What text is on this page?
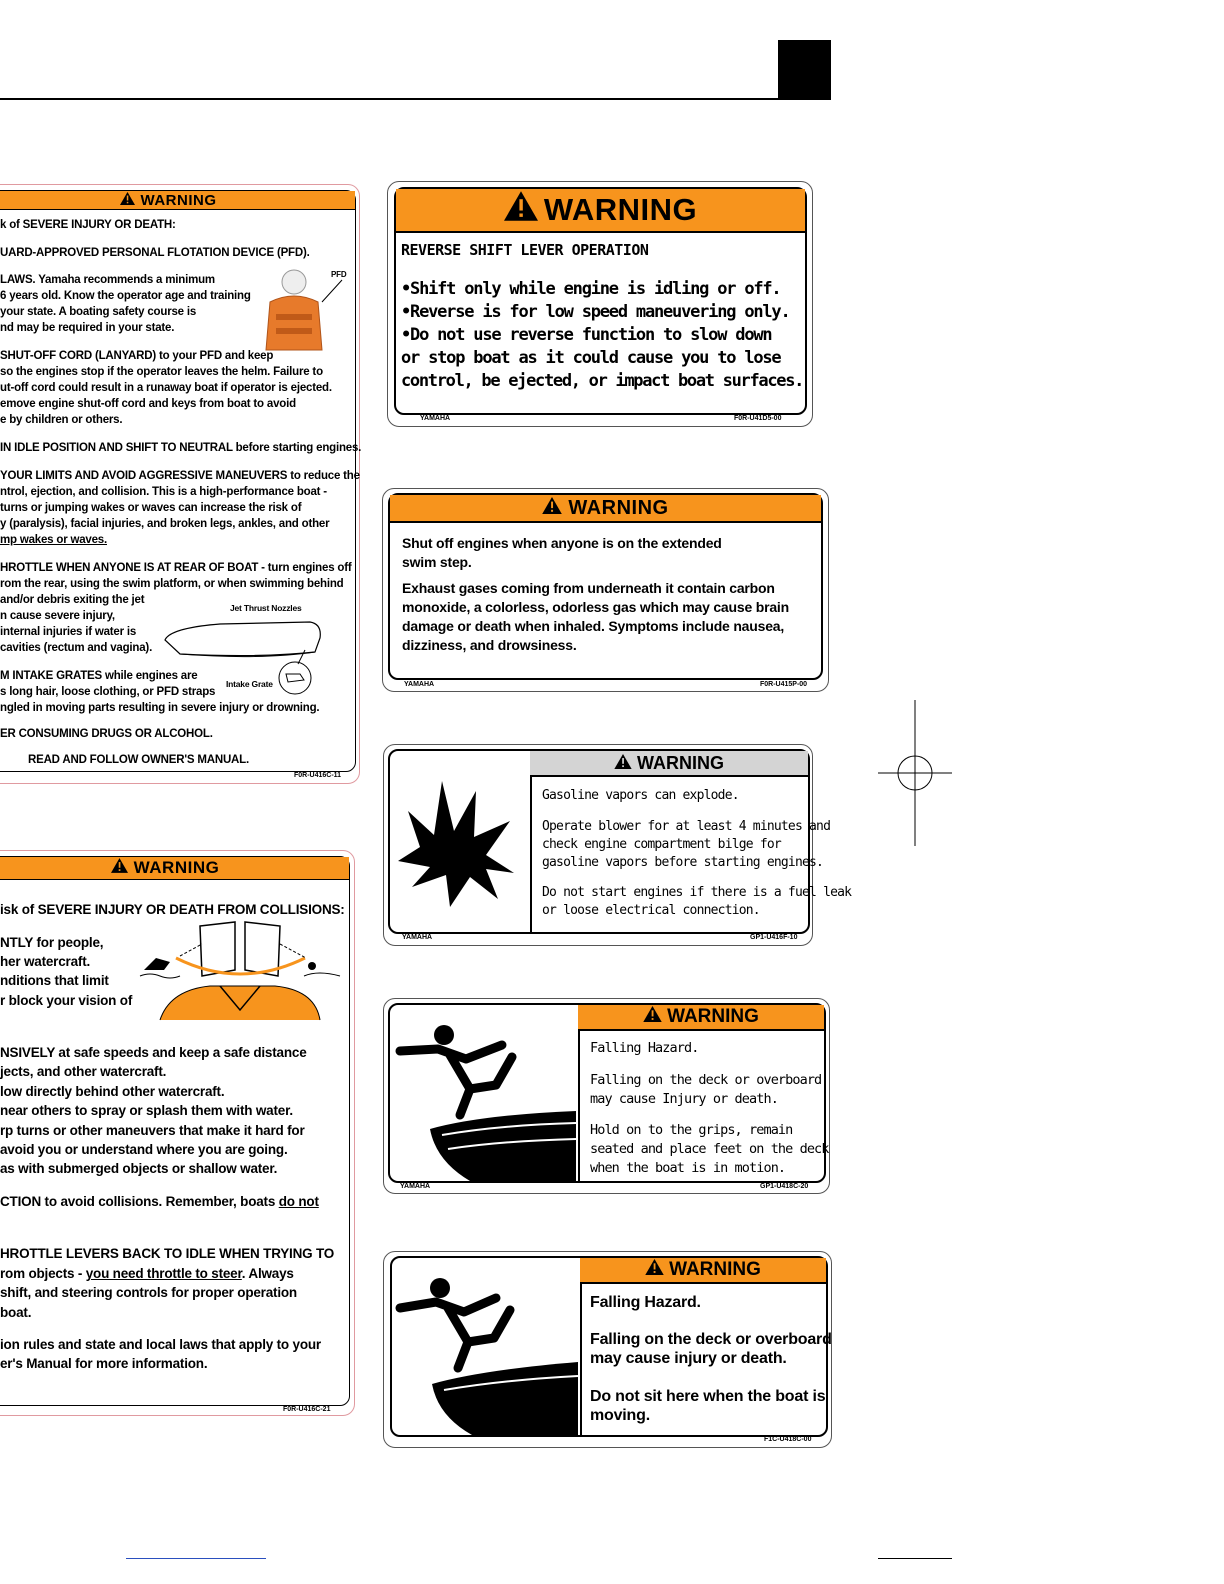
WARNING
k of SEVERE INJURY OR DEATH:
UARD-APPROVED PERSONAL FLOTATION DEVICE (PFD).
LAWS. Yamaha recommends a minimum
6 years old. Know the operator age and training
your state. A boating safety course is
nd may be required in your state.
SHUT-OFF CORD (LANYARD) to your PFD and keep
so the engines stop if the operator leaves the helm. Failure to
ut-off cord could result in a runaway boat if operator is ejected.
emove engine shut-off cord and keys from boat to avoid
e by children or others.
IN IDLE POSITION AND SHIFT TO NEUTRAL before starting engines.
YOUR LIMITS AND AVOID AGGRESSIVE MANEUVERS to reduce the
ntrol, ejection, and collision. This is a high-performance boat -
turns or jumping wakes or waves can increase the risk of
y (paralysis), facial injuries, and broken legs, ankles, and other
mp wakes or waves.
HROTTLE WHEN ANYONE IS AT REAR OF BOAT - turn engines off
rom the rear, using the swim platform, or when swimming behind
and/or debris exiting the jet
n cause severe injury,
internal injuries if water is
cavities (rectum and vagina).
M INTAKE GRATES while engines are
s long hair, loose clothing, or PFD straps
ngled in moving parts resulting in severe injury or drowning.
ER CONSUMING DRUGS OR ALCOHOL.
READ AND FOLLOW OWNER'S MANUAL.
PFD
Jet Thrust Nozzles
Intake Grate
F0R-U416C-11
WARNING
isk of SEVERE INJURY OR DEATH FROM COLLISIONS:
NTLY for people,
her watercraft.
nditions that limit
r block your vision of
NSIVELY at safe speeds and keep a safe distance
jects, and other watercraft.
low directly behind other watercraft.
near others to spray or splash them with water.
rp turns or other maneuvers that make it hard for
avoid you or understand where you are going.
as with submerged objects or shallow water.
CTION to avoid collisions. Remember, boats do not
HROTTLE LEVERS BACK TO IDLE WHEN TRYING TO
rom objects - you need throttle to steer. Always
shift, and steering controls for proper operation
boat.
ion rules and state and local laws that apply to your
er's Manual for more information.
F0R-U416C-21
WARNING
REVERSE SHIFT LEVER OPERATION
•Shift only while engine is idling or off.
•Reverse is for low speed maneuvering only.
•Do not use reverse function to slow down
or stop boat as it could cause you to lose
control, be ejected, or impact boat surfaces.
YAMAHA	F0R-U41D5-00
WARNING
Shut off engines when anyone is on the extended
swim step.
Exhaust gases coming from underneath it contain carbon
monoxide, a colorless, odorless gas which may cause brain
damage or death when inhaled. Symptoms include nausea,
dizziness, and drowsiness.
YAMAHA	F0R-U415P-00
WARNING
Gasoline vapors can explode.
Operate blower for at least 4 minutes and
check engine compartment bilge for
gasoline vapors before starting engines.
Do not start engines if there is a fuel leak
or loose electrical connection.
YAMAHA	GP1-U416F-10
WARNING
Falling Hazard.
Falling on the deck or overboard
may cause Injury or death.
Hold on to the grips, remain
seated and place feet on the deck
when the boat is in motion.
YAMAHA	GP1-U418C-20
WARNING
Falling Hazard.
Falling on the deck or overboard
may cause injury or death.
Do not sit here when the boat is
moving.
F1C-U418C-00
